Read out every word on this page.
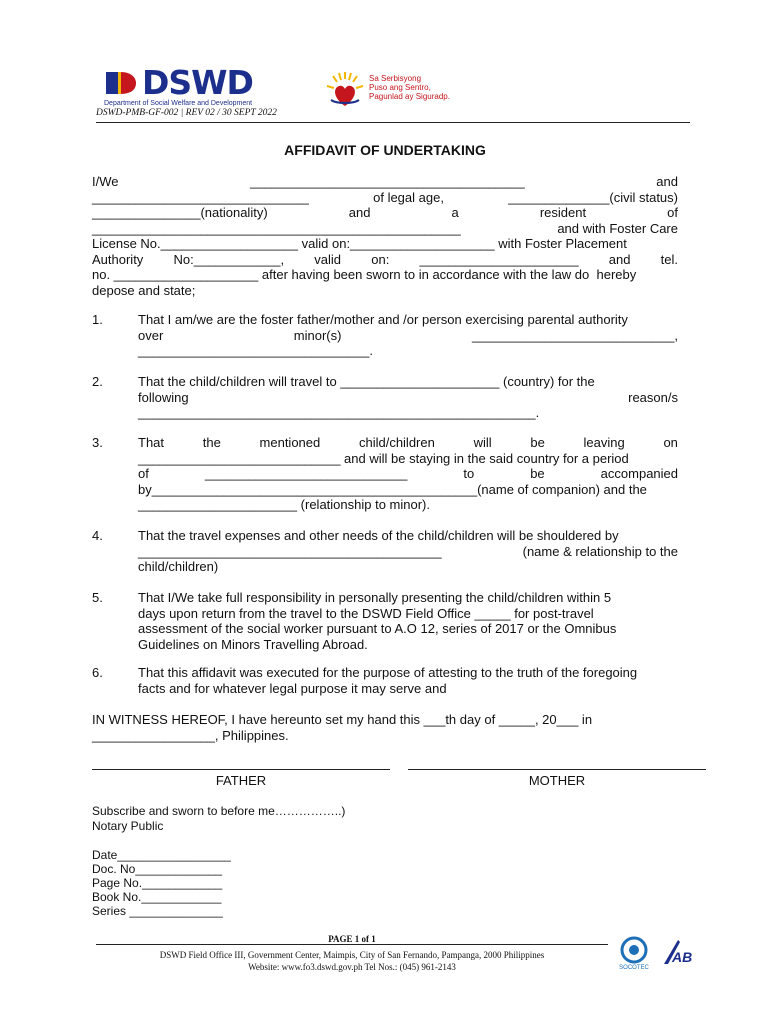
DSWD
Department of Social Welfare and Development
Sa Serbisyong
Puso ang Sentro,
Pagunlad ay Siguradp.
DSWD-PMB-GF-002 | REV 02 / 30 SEPT 2022
AFFIDAVIT OF UNDERTAKING
I/We	______________________________________	and
______________________________	of legal age,	______________(civil status)
_______________(nationality)	and	a	resident	of
___________________________________________________	and with Foster Care
License No.___________________ valid on:____________________ with Foster Placement
Authority No:____________, valid on: ______________________ and tel.
no. ____________________ after having been sworn to in accordance with the law do  hereby
depose and state;
1.	That I am/we are the foster father/mother and /or person exercising parental authority
over	minor(s)	____________________________,
________________________________.
2.	That the child/children will travel to ______________________ (country) for the
following	reason/s
_______________________________________________________.
3.	That	the	mentioned	child/children	will	be	leaving	on
____________________________ and will be staying in the said country for a period
of	____________________________	to	be	accompanied
by_____________________________________________(name of companion) and the
______________________ (relationship to minor).
4.	That the travel expenses and other needs of the child/children will be shouldered by
__________________________________________	(name & relationship to the
child/children)
5.	That I/We take full responsibility in personally presenting the child/children within 5
days upon return from the travel to the DSWD Field Office _____ for post-travel
assessment of the social worker pursuant to A.O 12, series of 2017 or the Omnibus
Guidelines on Minors Travelling Abroad.
6.	That this affidavit was executed for the purpose of attesting to the truth of the foregoing
facts and for whatever legal purpose it may serve and
IN WITNESS HEREOF, I have hereunto set my hand this ___th day of _____, 20___ in
_________________, Philippines.
FATHER	MOTHER
Subscribe and sworn to before me……………..)
Notary Public
Date_________________
Doc. No_____________
Page No.____________
Book No.____________
Series ______________
PAGE 1 of 1
DSWD Field Office III, Government Center, Maimpis, City of San Fernando, Pampanga, 2000 Philippines
Website: www.fo3.dswd.gov.ph Tel Nos.: (045) 961-2143	SOCOTEC
AB
